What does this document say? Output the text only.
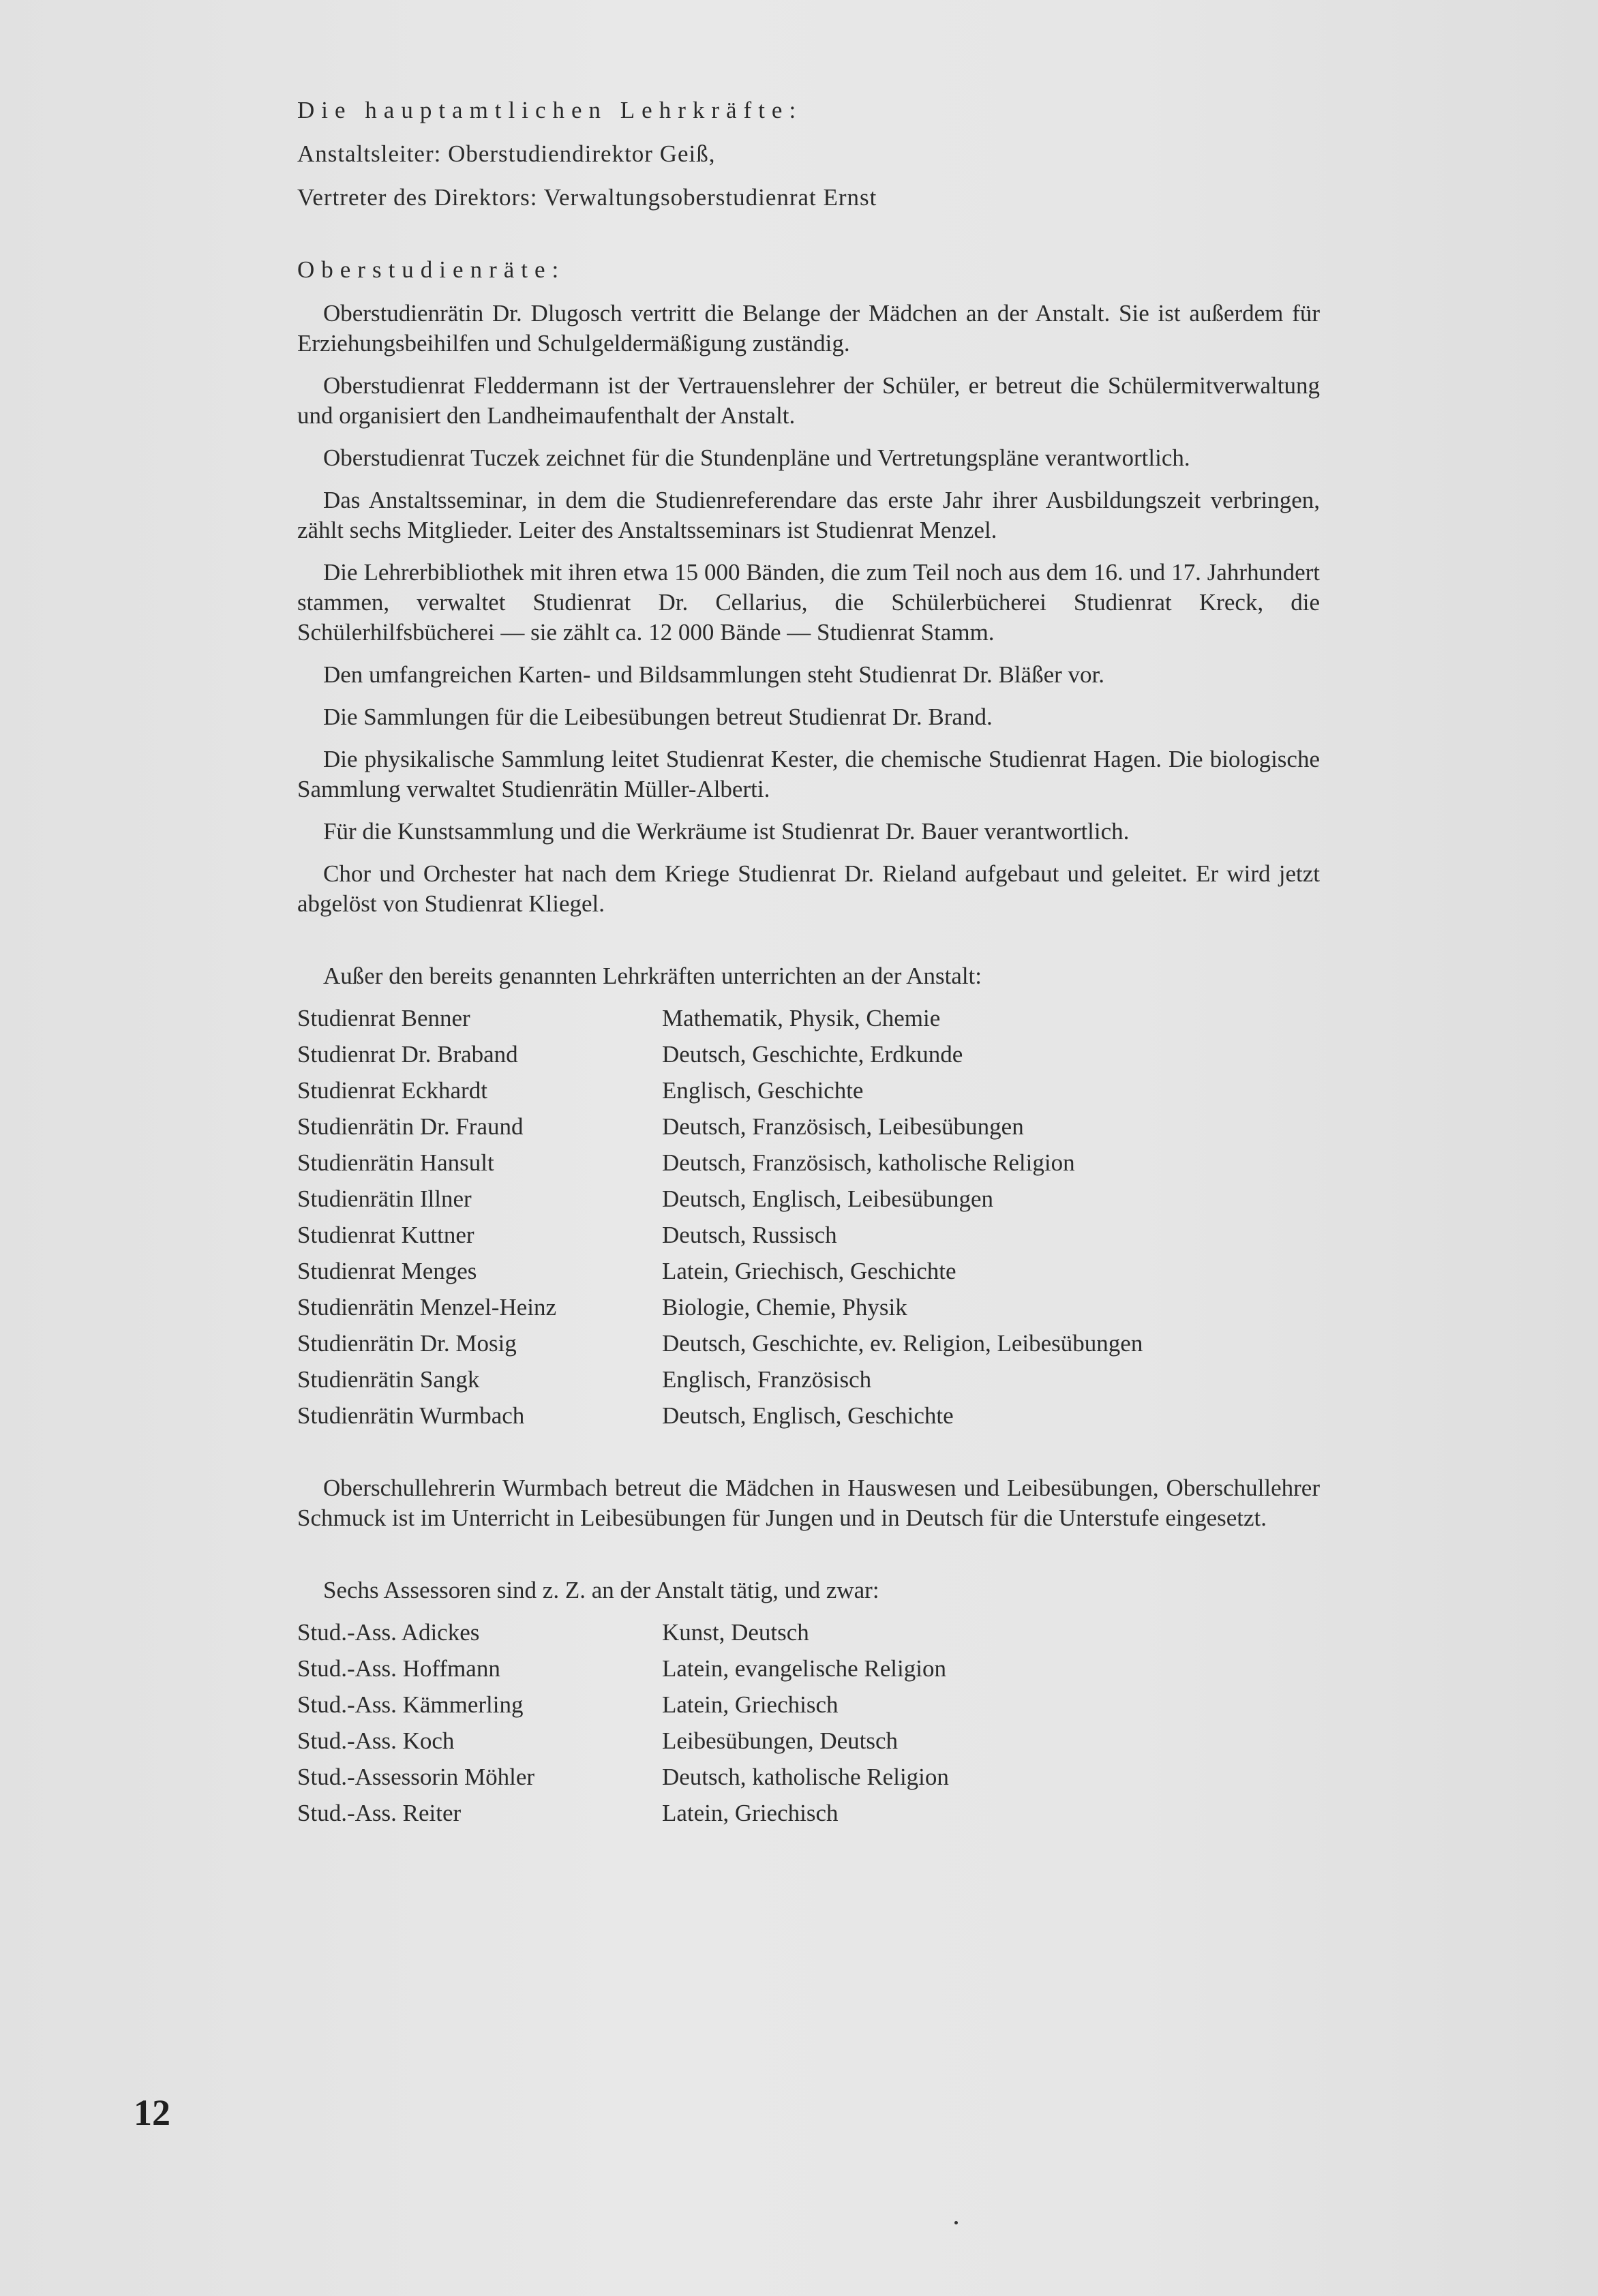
Die hauptamtlichen Lehrkräfte:

Anstaltsleiter: Oberstudiendirektor Geiß,

Vertreter des Direktors: Verwaltungsoberstudienrat Ernst

Oberstudienräte:

Oberstudienrätin Dr. Dlugosch vertritt die Belange der Mädchen an der Anstalt. Sie ist außerdem für Erziehungsbeihilfen und Schulgeldermäßigung zuständig.

Oberstudienrat Fleddermann ist der Vertrauenslehrer der Schüler, er betreut die Schülermitverwaltung und organisiert den Landheimaufenthalt der Anstalt.

Oberstudienrat Tuczek zeichnet für die Stundenpläne und Vertretungspläne verantwortlich.

Das Anstaltsseminar, in dem die Studienreferendare das erste Jahr ihrer Ausbildungszeit verbringen, zählt sechs Mitglieder. Leiter des Anstaltsseminars ist Studienrat Menzel.

Die Lehrerbibliothek mit ihren etwa 15 000 Bänden, die zum Teil noch aus dem 16. und 17. Jahrhundert stammen, verwaltet Studienrat Dr. Cellarius, die Schülerbücherei Studienrat Kreck, die Schülerhilfsbücherei — sie zählt ca. 12 000 Bände — Studienrat Stamm.

Den umfangreichen Karten- und Bildsammlungen steht Studienrat Dr. Bläßer vor.

Die Sammlungen für die Leibesübungen betreut Studienrat Dr. Brand.

Die physikalische Sammlung leitet Studienrat Kester, die chemische Studienrat Hagen. Die biologische Sammlung verwaltet Studienrätin Müller-Alberti.

Für die Kunstsammlung und die Werkräume ist Studienrat Dr. Bauer verantwortlich.

Chor und Orchester hat nach dem Kriege Studienrat Dr. Rieland aufgebaut und geleitet. Er wird jetzt abgelöst von Studienrat Kliegel.

Außer den bereits genannten Lehrkräften unterrichten an der Anstalt:

Studienrat Benner	Mathematik, Physik, Chemie
Studienrat Dr. Braband	Deutsch, Geschichte, Erdkunde
Studienrat Eckhardt	Englisch, Geschichte
Studienrätin Dr. Fraund	Deutsch, Französisch, Leibesübungen
Studienrätin Hansult	Deutsch, Französisch, katholische Religion
Studienrätin Illner	Deutsch, Englisch, Leibesübungen
Studienrat Kuttner	Deutsch, Russisch
Studienrat Menges	Latein, Griechisch, Geschichte
Studienrätin Menzel-Heinz	Biologie, Chemie, Physik
Studienrätin Dr. Mosig	Deutsch, Geschichte, ev. Religion, Leibesübungen
Studienrätin Sangk	Englisch, Französisch
Studienrätin Wurmbach	Deutsch, Englisch, Geschichte

Oberschullehrerin Wurmbach betreut die Mädchen in Hauswesen und Leibesübungen, Oberschullehrer Schmuck ist im Unterricht in Leibesübungen für Jungen und in Deutsch für die Unterstufe eingesetzt.

Sechs Assessoren sind z. Z. an der Anstalt tätig, und zwar:

Stud.-Ass. Adickes	Kunst, Deutsch
Stud.-Ass. Hoffmann	Latein, evangelische Religion
Stud.-Ass. Kämmerling	Latein, Griechisch
Stud.-Ass. Koch	Leibesübungen, Deutsch
Stud.-Assessorin Möhler	Deutsch, katholische Religion
Stud.-Ass. Reiter	Latein, Griechisch
12
